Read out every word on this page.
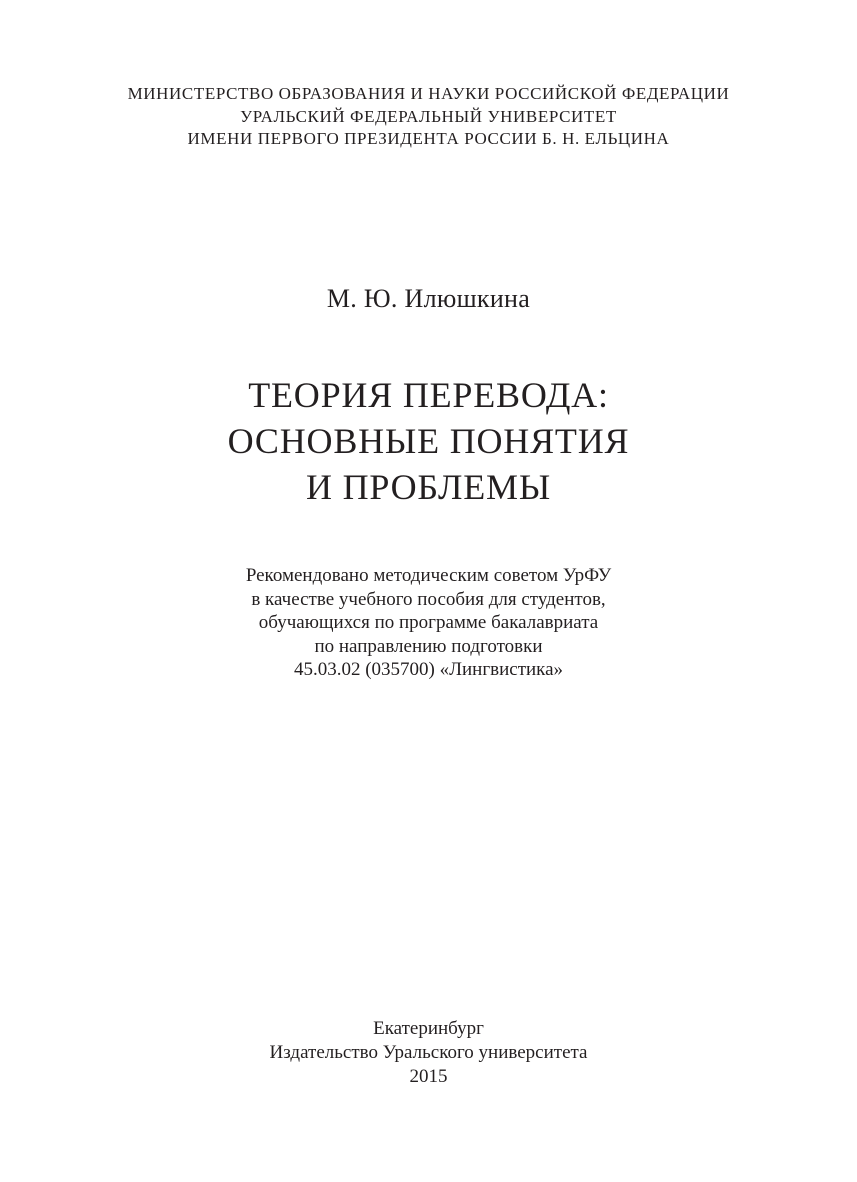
МИНИСТЕРСТВО ОБРАЗОВАНИЯ И НАУКИ РОССИЙСКОЙ ФЕДЕРАЦИИ
УРАЛЬСКИЙ ФЕДЕРАЛЬНЫЙ УНИВЕРСИТЕТ
ИМЕНИ ПЕРВОГО ПРЕЗИДЕНТА РОССИИ Б. Н. ЕЛЬЦИНА
М. Ю. Илюшкина
ТЕОРИЯ ПЕРЕВОДА:
ОСНОВНЫЕ ПОНЯТИЯ
И ПРОБЛЕМЫ
Рекомендовано методическим советом УрФУ
в качестве учебного пособия для студентов,
обучающихся по программе бакалавриата
по направлению подготовки
45.03.02 (035700) «Лингвистика»
Екатеринбург
Издательство Уральского университета
2015
